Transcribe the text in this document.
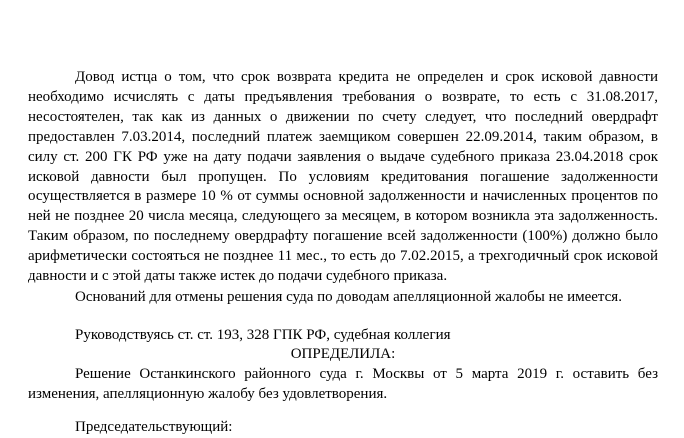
Довод истца о том, что срок возврата кредита не определен и срок исковой давности необходимо исчислять с даты предъявления требования о возврате, то есть с 31.08.2017, несостоятелен, так как из данных о движении по счету следует, что последний овердрафт предоставлен 7.03.2014, последний платеж заемщиком совершен 22.09.2014, таким образом, в силу ст. 200 ГК РФ уже на дату подачи заявления о выдаче судебного приказа 23.04.2018 срок исковой давности был пропущен. По условиям кредитования погашение задолженности осуществляется в размере 10 % от суммы основной задолженности и начисленных процентов по ней не позднее 20 числа месяца, следующего за месяцем, в котором возникла эта задолженность. Таким образом, по последнему овердрафту погашение всей задолженности (100%) должно было арифметически состояться не позднее 11 мес., то есть до 7.02.2015, а трехгодичный срок исковой давности и с этой даты также истек до подачи судебного приказа.

Оснований для отмены решения суда по доводам апелляционной жалобы не имеется.

Руководствуясь ст. ст. 193, 328 ГПК РФ, судебная коллегия

ОПРЕДЕЛИЛА:

Решение Останкинского районного суда г. Москвы от 5 марта 2019 г. оставить без изменения, апелляционную жалобу без удовлетворения.

Председательствующий:
